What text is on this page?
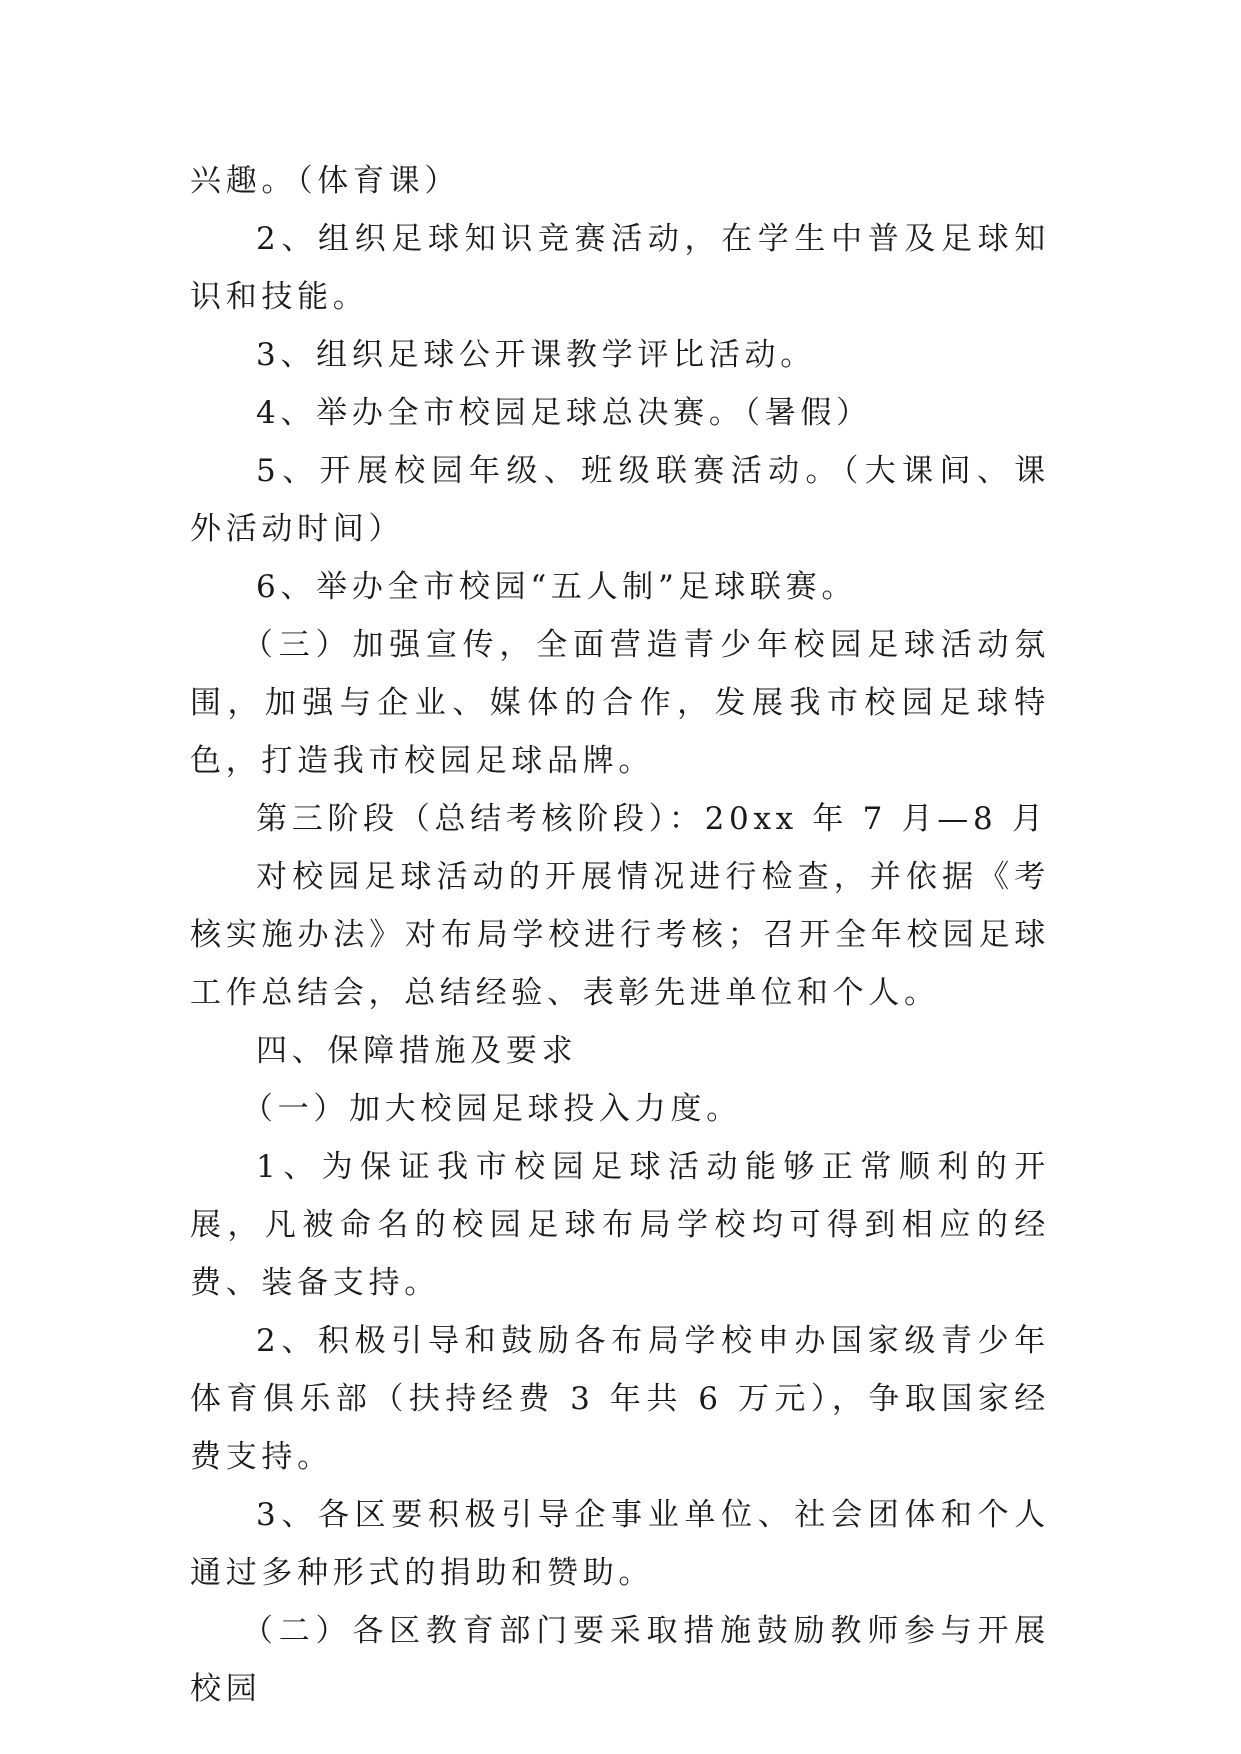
兴趣。（体育课）

2、组织足球知识竞赛活动，在学生中普及足球知识和技能。

3、组织足球公开课教学评比活动。

4、举办全市校园足球总决赛。（暑假）

5、开展校园年级、班级联赛活动。（大课间、课外活动时间）

6、举办全市校园“五人制”足球联赛。

（三）加强宣传，全面营造青少年校园足球活动氛围，加强与企业、媒体的合作，发展我市校园足球特色，打造我市校园足球品牌。

第三阶段（总结考核阶段）：20xx 年 7 月—8 月

对校园足球活动的开展情况进行检查，并依据《考核实施办法》对布局学校进行考核；召开全年校园足球工作总结会，总结经验、表彰先进单位和个人。

四、保障措施及要求

（一）加大校园足球投入力度。

1、为保证我市校园足球活动能够正常顺利的开展，凡被命名的校园足球布局学校均可得到相应的经费、装备支持。

2、积极引导和鼓励各布局学校申办国家级青少年体育俱乐部（扶持经费 3 年共 6 万元），争取国家经费支持。

3、各区要积极引导企事业单位、社会团体和个人通过多种形式的捐助和赞助。

（二）各区教育部门要采取措施鼓励教师参与开展校园
